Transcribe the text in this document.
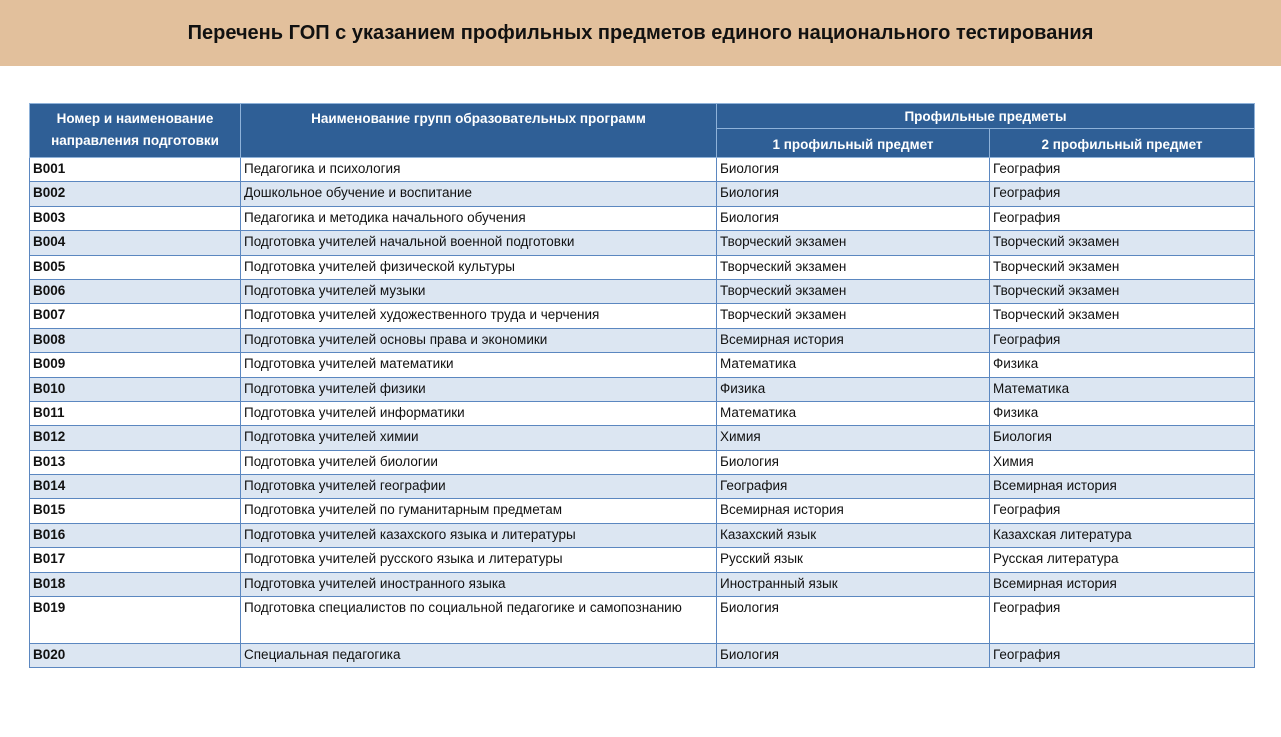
Перечень ГОП с указанием профильных предметов единого национального тестирования
Номер и наименование направления подготовки	Наименование групп образовательных программ	Профильные предметы	
		1 профильный предмет	2 профильный предмет
В001	Педагогика и психология	Биология	География
В002	Дошкольное обучение и воспитание	Биология	География
В003	Педагогика и методика начального обучения	Биология	География
В004	Подготовка учителей начальной военной подготовки	Творческий экзамен	Творческий экзамен
В005	Подготовка учителей физической культуры	Творческий экзамен	Творческий экзамен
В006	Подготовка учителей музыки	Творческий экзамен	Творческий экзамен
В007	Подготовка учителей художественного труда и черчения	Творческий экзамен	Творческий экзамен
В008	Подготовка учителей основы права и экономики	Всемирная история	География
В009	Подготовка учителей математики	Математика	Физика
В010	Подготовка учителей физики	Физика	Математика
В011	Подготовка учителей информатики	Математика	Физика
В012	Подготовка учителей химии	Химия	Биология
В013	Подготовка учителей биологии	Биология	Химия
В014	Подготовка учителей географии	География	Всемирная история
В015	Подготовка учителей по гуманитарным предметам	Всемирная история	География
В016	Подготовка учителей казахского языка и литературы	Казахский язык	Казахская литература
В017	Подготовка учителей русского языка и литературы	Русский язык	Русская литература
В018	Подготовка учителей иностранного языка	Иностранный язык	Всемирная история
В019	Подготовка специалистов по социальной педагогике и самопознанию	Биология	География
В020	Специальная педагогика	Биология	География
